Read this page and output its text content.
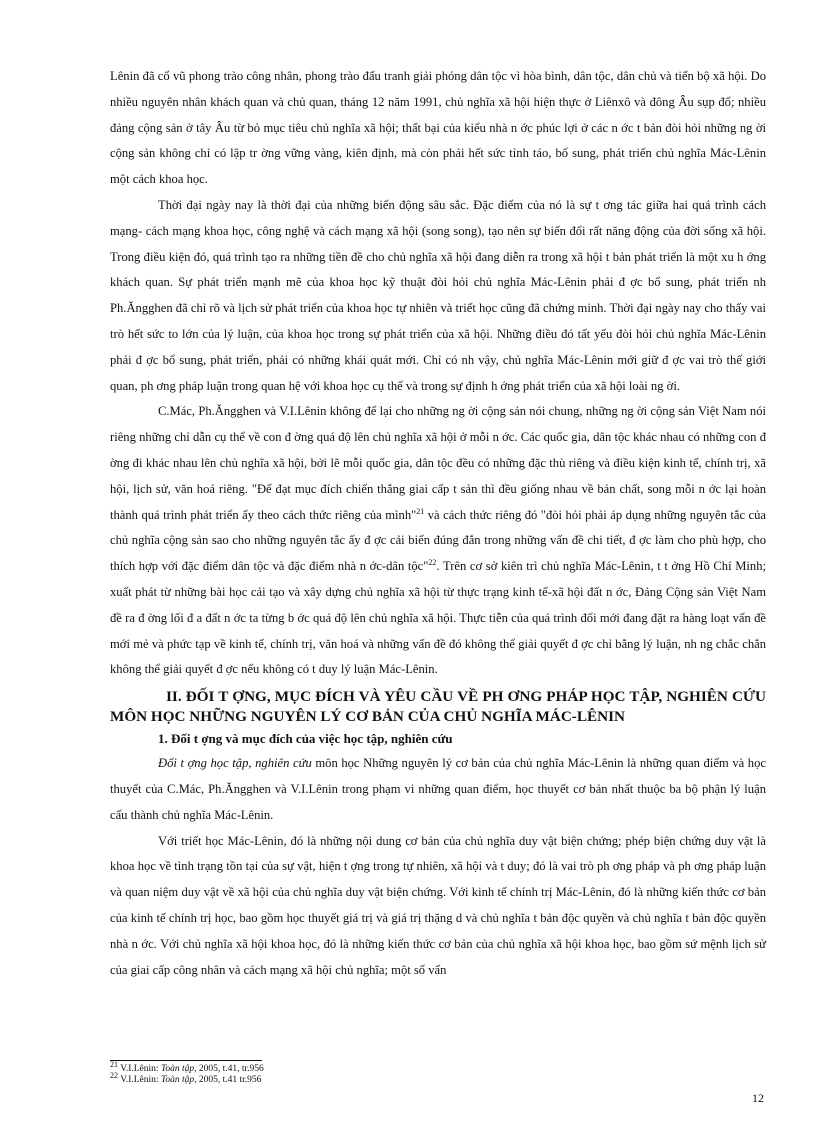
Lênin đã cổ vũ phong trào công nhân, phong trào đấu tranh giải phóng dân tộc vì hòa bình, dân tộc, dân chủ và tiến bộ xã hội. Do nhiều nguyên nhân khách quan và chủ quan, tháng 12 năm 1991, chủ nghĩa xã hội hiện thực ở Liênxô và đông Âu sụp đổ; nhiều đảng cộng sản ở tây Âu từ bỏ mục tiêu chủ nghĩa xã hội; thất bại của kiểu nhà n ớc phúc lợi ở các n ớc t bản đòi hỏi những ng ời cộng sản không chỉ có lập tr ờng vững vàng, kiên định, mà còn phải hết sức tỉnh táo, bổ sung, phát triển chủ nghĩa Mác-Lênin một cách khoa học.

Thời đại ngày nay là thời đại của những biến động sâu sắc. Đặc điểm của nó là sự t ơng tác giữa hai quá trình cách mạng- cách mạng khoa học, công nghệ và cách mạng xã hội (song song), tạo nên sự biến đổi rất năng động của đời sống xã hội. Trong điều kiện đó, quá trình tạo ra những tiền đề cho chủ nghĩa xã hội đang diễn ra trong xã hội t bản phát triển là một xu h ớng khách quan. Sự phát triển mạnh mẽ của khoa học kỹ thuật đòi hỏi chủ nghĩa Mác-Lênin phải đ ợc bổ sung, phát triển nh Ph.Ăngghen đã chỉ rõ và lịch sử phát triển của khoa học tự nhiên và triết học cũng đã chứng minh. Thời đại ngày nay cho thấy vai trò hết sức to lớn của lý luận, của khoa học trong sự phát triển của xã hội. Những điều đó tất yếu đòi hỏi chủ nghĩa Mác-Lênin phải đ ợc bổ sung, phát triển, phải có những khái quát mới. Chỉ có nh vậy, chủ nghĩa Mác-Lênin mới giữ đ ợc vai trò thế giới quan, ph ơng pháp luận trong quan hệ với khoa học cụ thể và trong sự định h ớng phát triển của xã hội loài ng ời.

C.Mác, Ph.Ăngghen và V.I.Lênin không để lại cho những ng ời cộng sản nói chung, những ng ời cộng sản Việt Nam nói riêng những chỉ dẫn cụ thể về con đ ờng quá độ lên chủ nghĩa xã hội ở mỗi n ớc. Các quốc gia, dân tộc khác nhau có những con đ ờng đi khác nhau lên chủ nghĩa xã hội, bởi lẽ mỗi quốc gia, dân tộc đều có những đặc thù riêng và điều kiện kinh tế, chính trị, xã hội, lịch sử, văn hoá riêng. "Để đạt mục đích chiến thắng giai cấp t sản thì đều giống nhau về bản chất, song mỗi n ớc lại hoàn thành quá trình phát triển ấy theo cách thức riêng của mình"$^{21}$ và cách thức riêng đó "đòi hỏi phải áp dụng những nguyên tắc của chủ nghĩa cộng sản sao cho những nguyên tắc ấy đ ợc cải biến đúng đắn trong những vấn đề chi tiết, đ ợc làm cho phù hợp, cho thích hợp với đặc điểm dân tộc và đặc điểm nhà n ớc-dân tộc"$^{22}$. Trên cơ sở kiên trì chủ nghĩa Mác-Lênin, t t ởng Hồ Chí Minh; xuất phát từ những bài học cải tạo và xây dựng chủ nghĩa xã hội từ thực trạng kinh tế-xã hội đất n ớc, Đảng Cộng sản Việt Nam đề ra đ ờng lối đ a đất n ớc ta từng b ớc quá độ lên chủ nghĩa xã hội. Thực tiễn của quá trình đổi mới đang đặt ra hàng loạt vấn đề mới mẻ và phức tạp về kinh tế, chính trị, văn hoá và những vấn đề đó không thể giải quyết đ ợc chỉ bằng lý luận, nh ng chắc chắn không thể giải quyết đ ợc nếu không có t duy lý luận Mác-Lênin.

II. ĐỐI T ỢNG, MỤC ĐÍCH VÀ YÊU CẦU VỀ PH ƠNG PHÁP HỌC TẬP, NGHIÊN CỨU MÔN HỌC NHỮNG NGUYÊN LÝ CƠ BẢN CỦA CHỦ NGHĨA MÁC-LÊNIN
1. Đối t ợng và mục đích của việc học tập, nghiên cứu

Đối t ợng học tập, nghiên cứu môn học Những nguyên lý cơ bản của chủ nghĩa Mác-Lênin là những quan điểm và học thuyết của C.Mác, Ph.Ăngghen và V.I.Lênin trong phạm vi những quan điểm, học thuyết cơ bản nhất thuộc ba bộ phận lý luận cấu thành chủ nghĩa Mác-Lênin.

Với triết học Mác-Lênin, đó là những nội dung cơ bản của chủ nghĩa duy vật biện chứng; phép biện chứng duy vật là khoa học về tình trạng tồn tại của sự vật, hiện t ợng trong tự nhiên, xã hội và t duy; đó là vai trò ph ơng pháp và ph ơng pháp luận và quan niệm duy vật về xã hội của chủ nghĩa duy vật biện chứng. Với kinh tế chính trị Mác-Lênin, đó là những kiến thức cơ bản của kinh tế chính trị học, bao gồm học thuyết giá trị và giá trị thặng d và chủ nghĩa t bản độc quyền và chủ nghĩa t bản độc quyền nhà n ớc. Với chủ nghĩa xã hội khoa học, đó là những kiến thức cơ bản của chủ nghĩa xã hội khoa học, bao gồm sứ mệnh lịch sử của giai cấp công nhân và cách mạng xã hội chủ nghĩa; một số vấn

$^{21}$ V.I.Lênin: Toàn tập, 2005, t.41, tr.956
$^{22}$ V.I.Lênin: Toàn tập, 2005, t.41 tr.956
12
